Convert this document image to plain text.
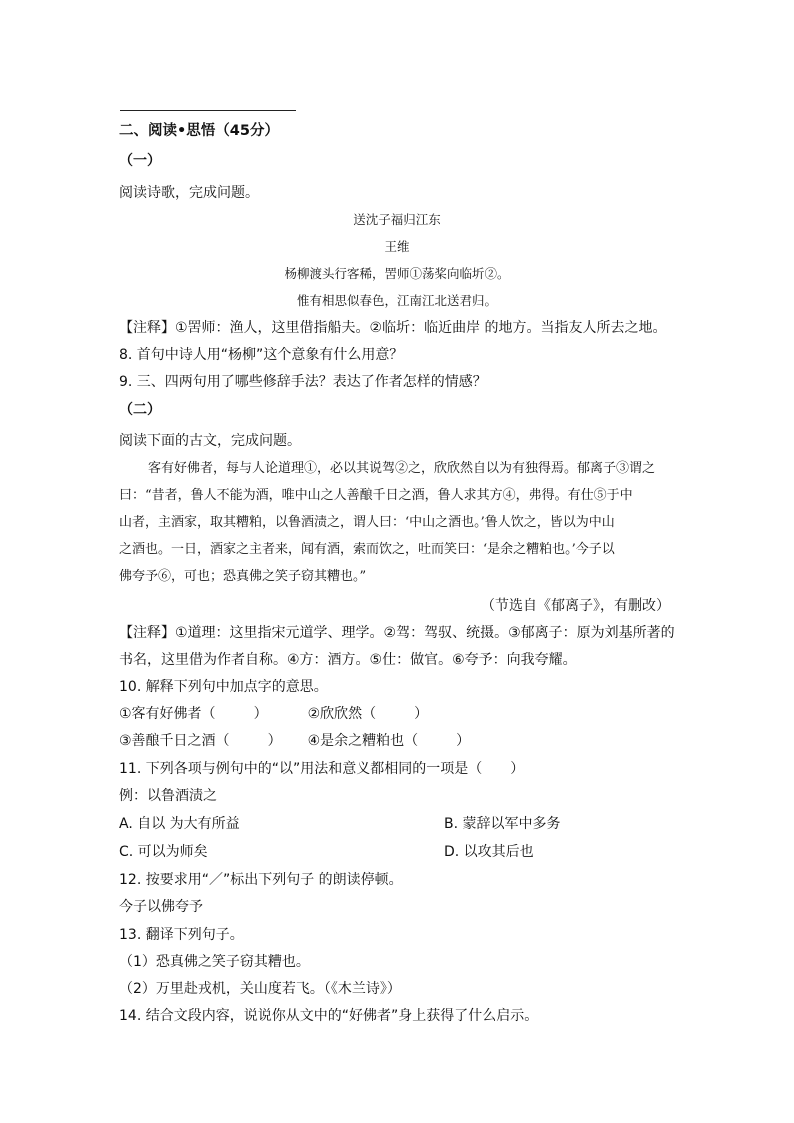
二、阅读•思悟（45分）
（一）
阅读诗歌，完成问题。
送沈子福归江东
王维
杨柳渡头行客稀，罟师①荡桨向临圻②。
惟有相思似春色，江南江北送君归。
【注释】①罟师：渔人，这里借指船夫。②临圻：临近曲岸 的地方。当指友人所去之地。
8. 首句中诗人用“杨柳”这个意象有什么用意？
9. 三、四两句用了哪些修辞手法？表达了作者怎样的情感？
（二）
阅读下面的古文，完成问题。
客有好佛者，每与人论道理①，必以其说驾②之，欣欣然自以为有独得焉。郁离子③谓之
曰：“昔者，鲁人不能为酒，唯中山之人善酿千日之酒，鲁人求其方④，弗得。有仕⑤于中
山者，主酒家，取其糟粕，以鲁酒渍之，谓人曰：‘中山之酒也。’鲁人饮之，皆以为中山
之酒也。一日，酒家之主者来，闻有酒，索而饮之，吐而笑曰：‘是余之糟粕也。’今子以
佛夸予⑥，可也；恐真佛之笑子窃其糟也。”
（节选自《郁离子》，有删改）
【注释】①道理：这里指宋元道学、理学。②驾：驾驭、统摄。③郁离子：原为刘基所著的
书名，这里借为作者自称。④方：酒方。⑤仕：做官。⑥夸予：向我夸耀。
10. 解释下列句中加点字的意思。
①客有好佛者（	）	②欣欣然（	）
③善酿千日之酒（	） ④是余之糟粕也（	）
11. 下列各项与例句中的“以”用法和意义都相同的一项是（　　）
例：以鲁酒渍之
A. 自以 为大有所益	B. 蒙辞以军中多务
C. 可以为师矣	D. 以攻其后也
12. 按要求用“／”标出下列句子 的朗读停顿。
今子以佛夸予
13. 翻译下列句子。
（1）恐真佛之笑子窃其糟也。
（2）万里赴戎机，关山度若飞。（《木兰诗》）
14. 结合文段内容，说说你从文中的“好佛者”身上获得了什么启示。
